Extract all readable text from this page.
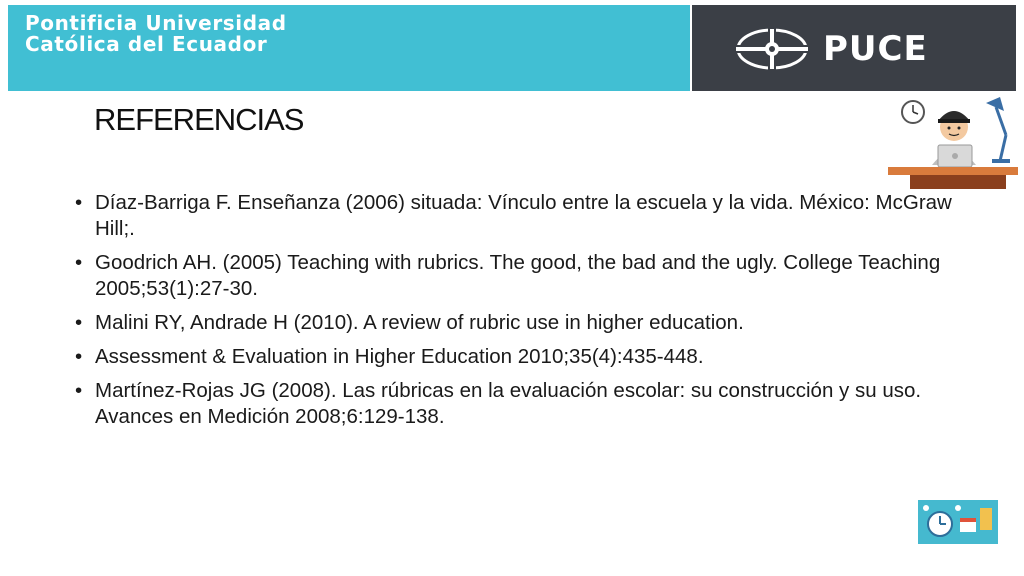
Pontificia Universidad
Católica del Ecuador	PUCE
REFERENCIAS
• Díaz-Barriga F. Enseñanza (2006) situada: Vínculo entre la escuela y la vida. México: McGraw Hill;.
• Goodrich AH. (2005) Teaching with rubrics. The good, the bad and the ugly. College Teaching 2005;53(1):27-30.
• Malini RY, Andrade H (2010). A review of rubric use in higher education.
• Assessment & Evaluation in Higher Education 2010;35(4):435-448.
• Martínez-Rojas JG (2008). Las rúbricas en la evaluación escolar: su construcción y su uso. Avances en Medición 2008;6:129-138.
